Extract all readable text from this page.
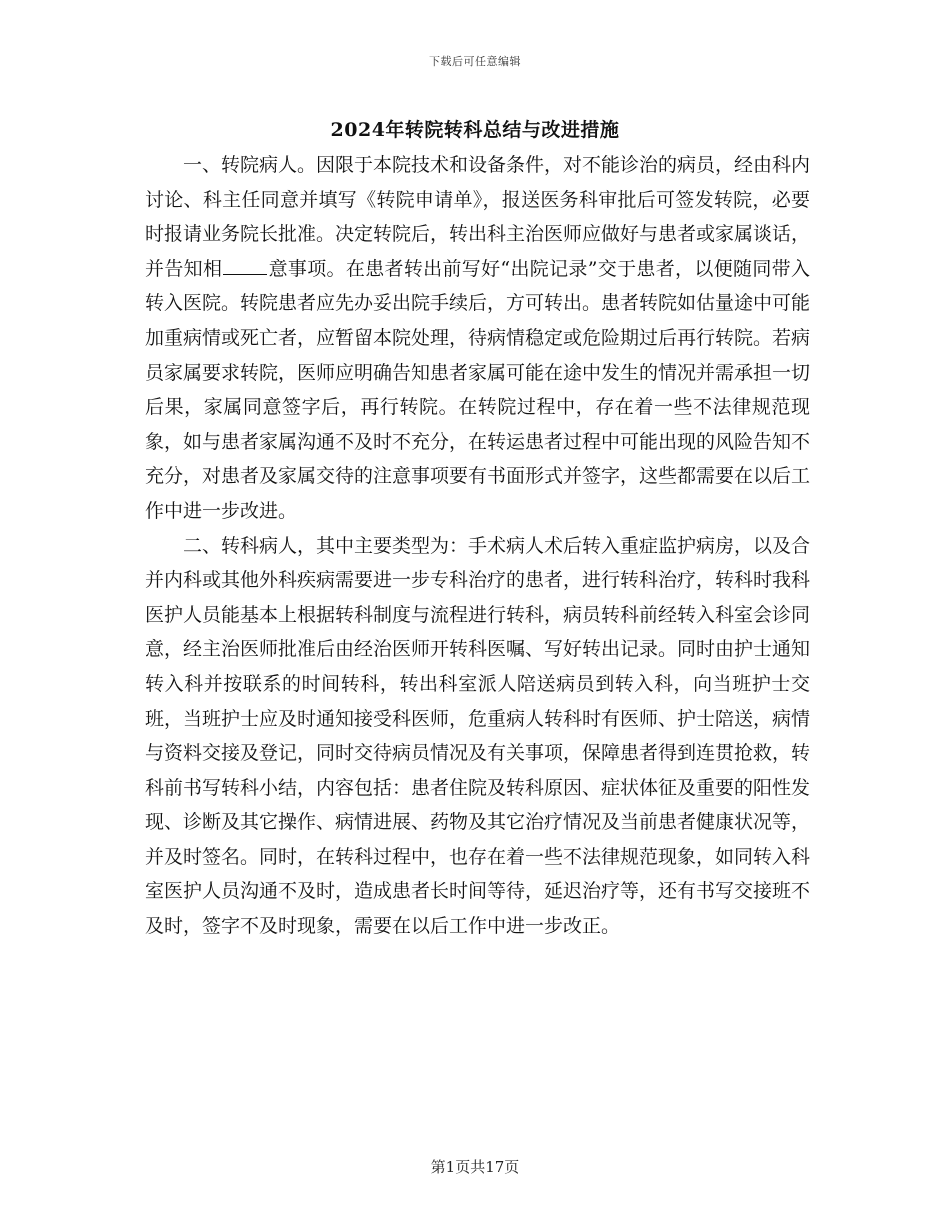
下载后可任意编辑
2024年转院转科总结与改进措施

一、转院病人。因限于本院技术和设备条件，对不能诊治的病员，经由科内讨论、科主任同意并填写《转院申请单》，报送医务科审批后可签发转院，必要时报请业务院长批准。决定转院后，转出科主治医师应做好与患者或家属谈话，并告知相 意事项。在患者转出前写好“出院记录”交于患者，以便随同带入转入医院。转院患者应先办妥出院手续后，方可转出。患者转院如估量途中可能加重病情或死亡者，应暂留本院处理，待病情稳定或危险期过后再行转院。若病员家属要求转院，医师应明确告知患者家属可能在途中发生的情况并需承担一切后果，家属同意签字后，再行转院。在转院过程中，存在着一些不法律规范现象，如与患者家属沟通不及时不充分，在转运患者过程中可能出现的风险告知不充分，对患者及家属交待的注意事项要有书面形式并签字，这些都需要在以后工作中进一步改进。

二、转科病人，其中主要类型为：手术病人术后转入重症监护病房，以及合并内科或其他外科疾病需要进一步专科治疗的患者，进行转科治疗，转科时我科医护人员能基本上根据转科制度与流程进行转科，病员转科前经转入科室会诊同意，经主治医师批准后由经治医师开转科医嘱、写好转出记录。同时由护士通知转入科并按联系的时间转科，转出科室派人陪送病员到转入科，向当班护士交班，当班护士应及时通知接受科医师，危重病人转科时有医师、护士陪送，病情与资料交接及登记，同时交待病员情况及有关事项，保障患者得到连贯抢救，转科前书写转科小结，内容包括：患者住院及转科原因、症状体征及重要的阳性发现、诊断及其它操作、病情进展、药物及其它治疗情况及当前患者健康状况等，并及时签名。同时，在转科过程中，也存在着一些不法律规范现象，如同转入科室医护人员沟通不及时，造成患者长时间等待，延迟治疗等，还有书写交接班不及时，签字不及时现象，需要在以后工作中进一步改正。

第1页共17页
